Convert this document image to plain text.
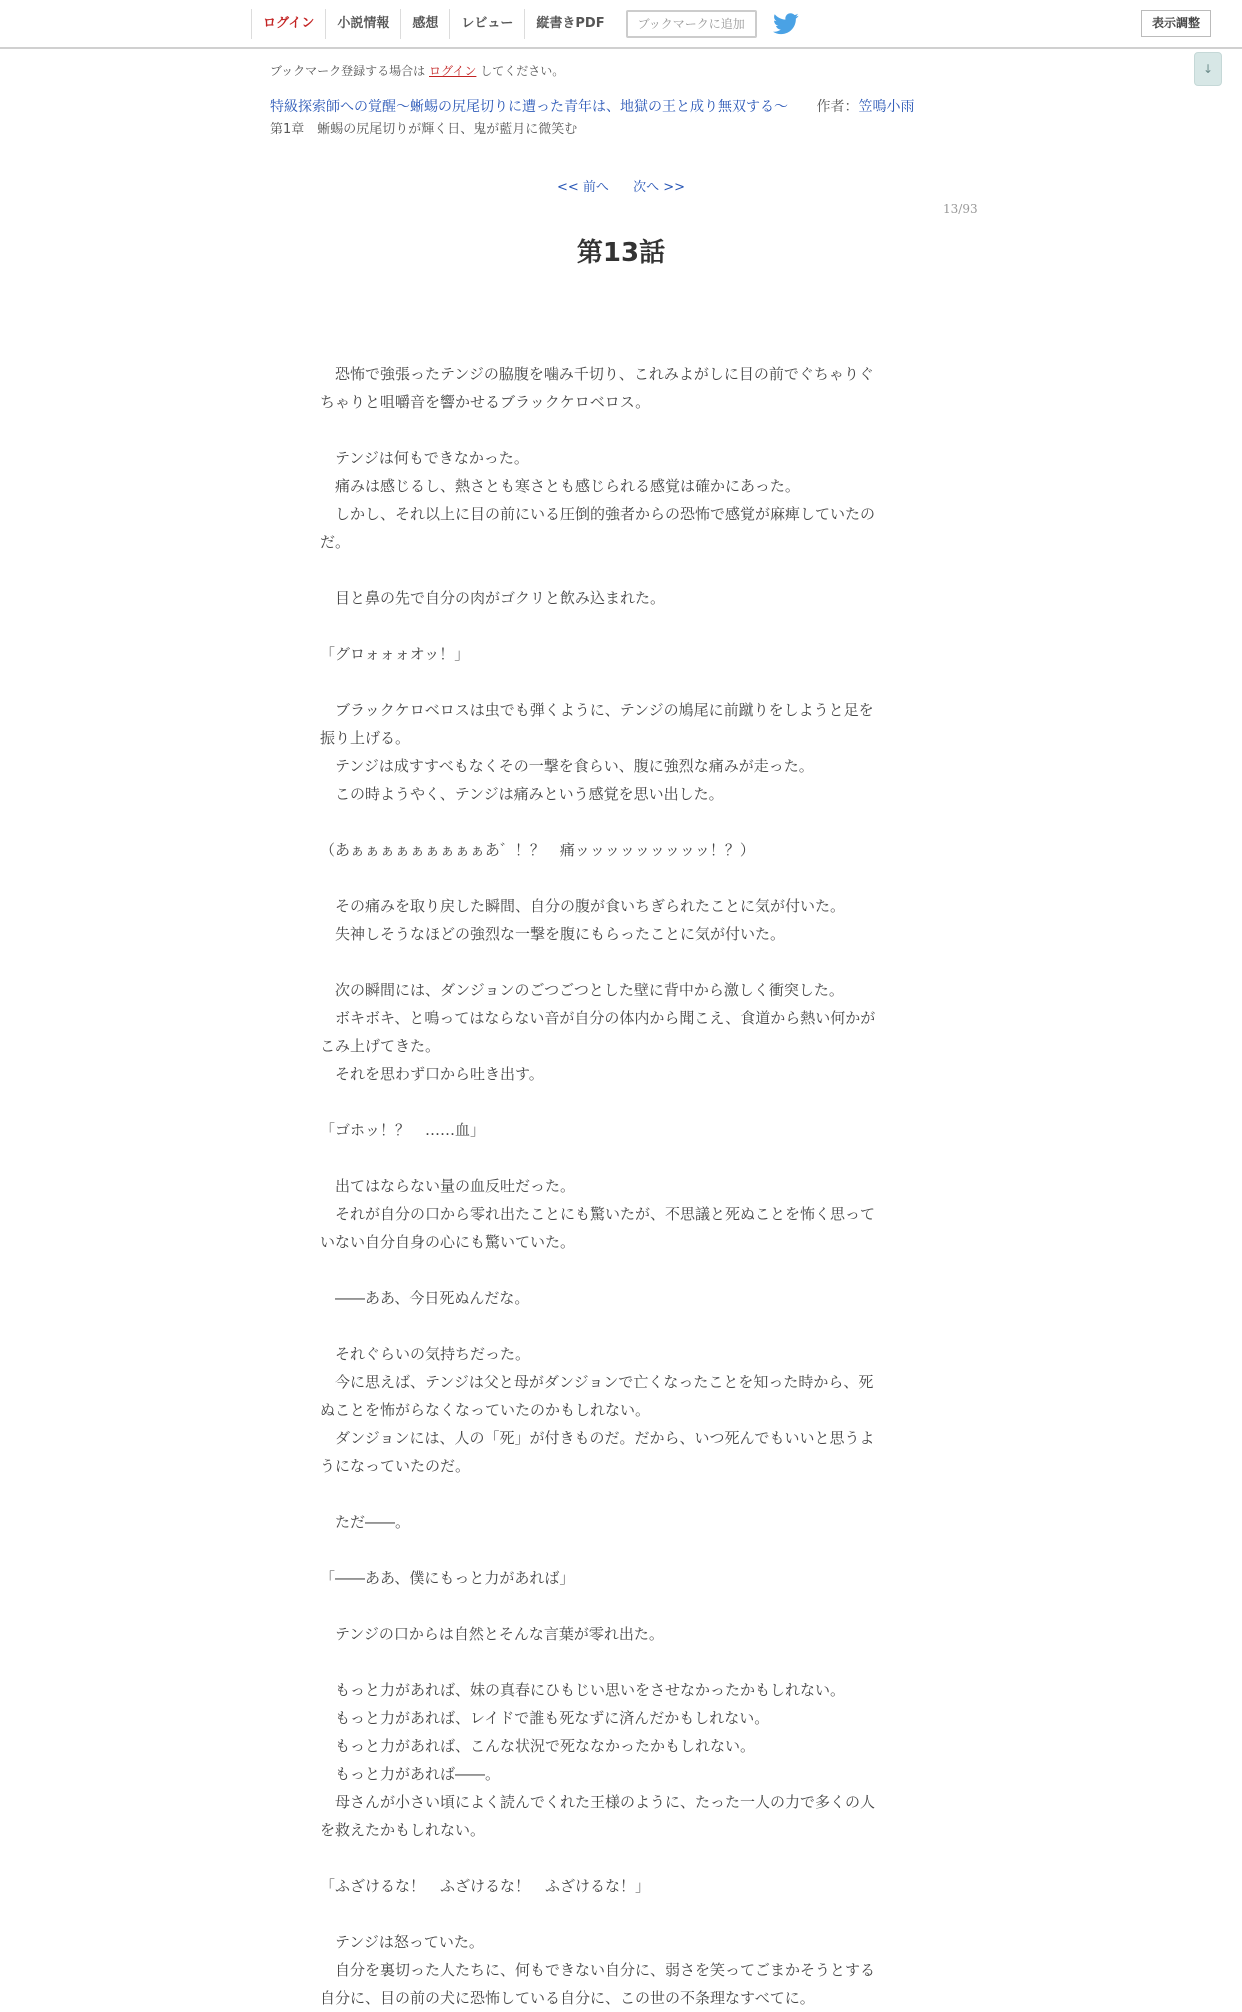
ログイン	小説情報	感想	レビュー	縦書きPDF	ブックマークに追加	表示調整
↓
ブックマーク登録する場合は ログイン してください。
特級探索師への覚醒～蜥蜴の尻尾切りに遭った青年は、地獄の王と成り無双する～ 作者：笠鳴小雨
第1章　蜥蜴の尻尾切りが輝く日、鬼が藍月に微笑む
<< 前へ 次へ >>
13/93
第13話

　恐怖で強張ったテンジの脇腹を噛み千切り、これみよがしに目の前でぐちゃりぐ

ちゃりと咀嚼音を響かせるブラックケロベロス。

　テンジは何もできなかった。

　痛みは感じるし、熱さとも寒さとも感じられる感覚は確かにあった。

　しかし、それ以上に目の前にいる圧倒的強者からの恐怖で感覚が麻痺していたの

だ。

　目と鼻の先で自分の肉がゴクリと飲み込まれた。

「グロォォォオッ！」

　ブラックケロベロスは虫でも弾くように、テンジの鳩尾に前蹴りをしようと足を

振り上げる。

　テンジは成すすべもなくその一撃を食らい、腹に強烈な痛みが走った。

　この時ようやく、テンジは痛みという感覚を思い出した。

（あぁぁぁぁぁぁぁぁぁあ゛！？　痛ッッッッッッッッッ！？）

　その痛みを取り戻した瞬間、自分の腹が食いちぎられたことに気が付いた。

　失神しそうなほどの強烈な一撃を腹にもらったことに気が付いた。

　次の瞬間には、ダンジョンのごつごつとした壁に背中から激しく衝突した。

　ボキボキ、と鳴ってはならない音が自分の体内から聞こえ、食道から熱い何かが

こみ上げてきた。

　それを思わず口から吐き出す。

「ゴホッ！？　……血」

　出てはならない量の血反吐だった。

　それが自分の口から零れ出たことにも驚いたが、不思議と死ぬことを怖く思って

いない自分自身の心にも驚いていた。

　――ああ、今日死ぬんだな。

　それぐらいの気持ちだった。

　今に思えば、テンジは父と母がダンジョンで亡くなったことを知った時から、死

ぬことを怖がらなくなっていたのかもしれない。

　ダンジョンには、人の「死」が付きものだ。だから、いつ死んでもいいと思うよ

うになっていたのだ。

　ただ――。

「――ああ、僕にもっと力があれば」

　テンジの口からは自然とそんな言葉が零れ出た。

　もっと力があれば、妹の真春にひもじい思いをさせなかったかもしれない。

　もっと力があれば、レイドで誰も死なずに済んだかもしれない。

　もっと力があれば、こんな状況で死ななかったかもしれない。

　もっと力があれば――。

　母さんが小さい頃によく読んでくれた王様のように、たった一人の力で多くの人

を救えたかもしれない。

「ふざけるな！　ふざけるな！　ふざけるな！」

　テンジは怒っていた。

　自分を裏切った人たちに、何もできない自分に、弱さを笑ってごまかそうとする

自分に、目の前の犬に恐怖している自分に、この世の不条理なすべてに。
